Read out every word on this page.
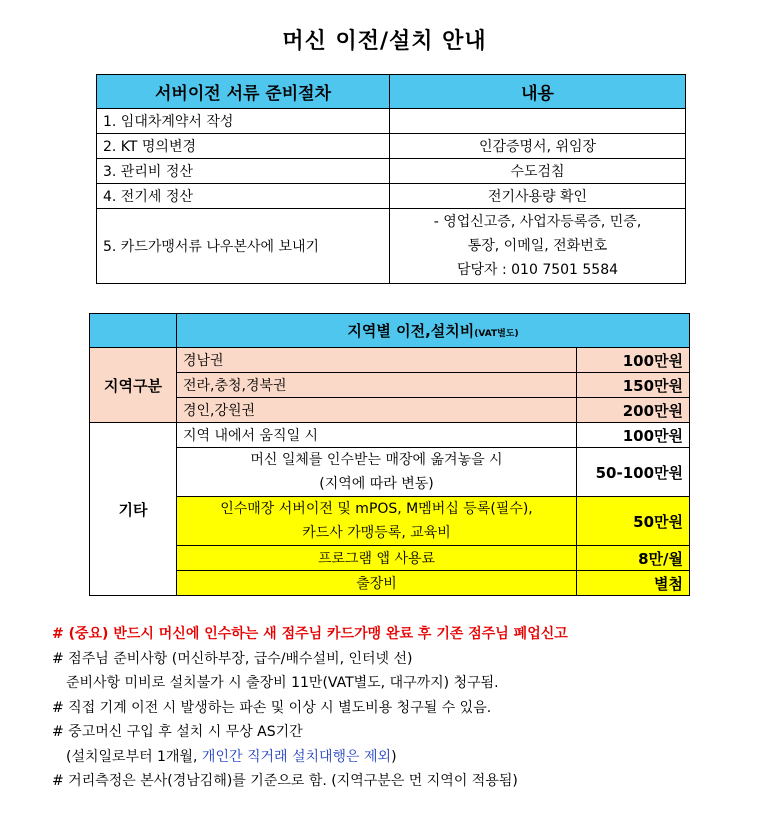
머신 이전/설치 안내
서버이전 서류 준비절차	내용
1. 임대차계약서 작성	
2. KT 명의변경	인감증명서, 위임장
3. 관리비 정산	수도검침
4. 전기세 정산	전기사용량 확인
5. 카드가맹서류 나우본사에 보내기	- 영업신고증, 사업자등록증, 민증,
통장, 이메일, 전화번호
담당자 : 010 7501 5584
	지역별 이전,설치비(VAT별도)	
지역구분	경남권	100만원
	전라,충청,경북권	150만원
	경인,강원권	200만원
기타	지역 내에서 움직일 시	100만원

	머신 일체를 인수받는 매장에 옮겨놓을 시
(지역에 따라 변동)	50-100만원

	인수매장 서버이전 및 mPOS, M멤버십 등록(필수),
카드사 가맹등록, 교육비	50만원
	프로그램 앱 사용료	8만/월
	출장비	별첨
# (중요) 반드시 머신에 인수하는 새 점주님 카드가맹 완료 후 기존 점주님 폐업신고
# 점주님 준비사항 (머신하부장, 급수/배수설비, 인터넷 선)
준비사항 미비로 설치불가 시 출장비 11만(VAT별도, 대구까지) 청구됨.
# 직접 기계 이전 시 발생하는 파손 및 이상 시 별도비용 청구될 수 있음.
# 중고머신 구입 후 설치 시 무상 AS기간
(설치일로부터 1개월, 개인간 직거래 설치대행은 제외)
# 거리측정은 본사(경남김해)를 기준으로 함. (지역구분은 먼 지역이 적용됨)
